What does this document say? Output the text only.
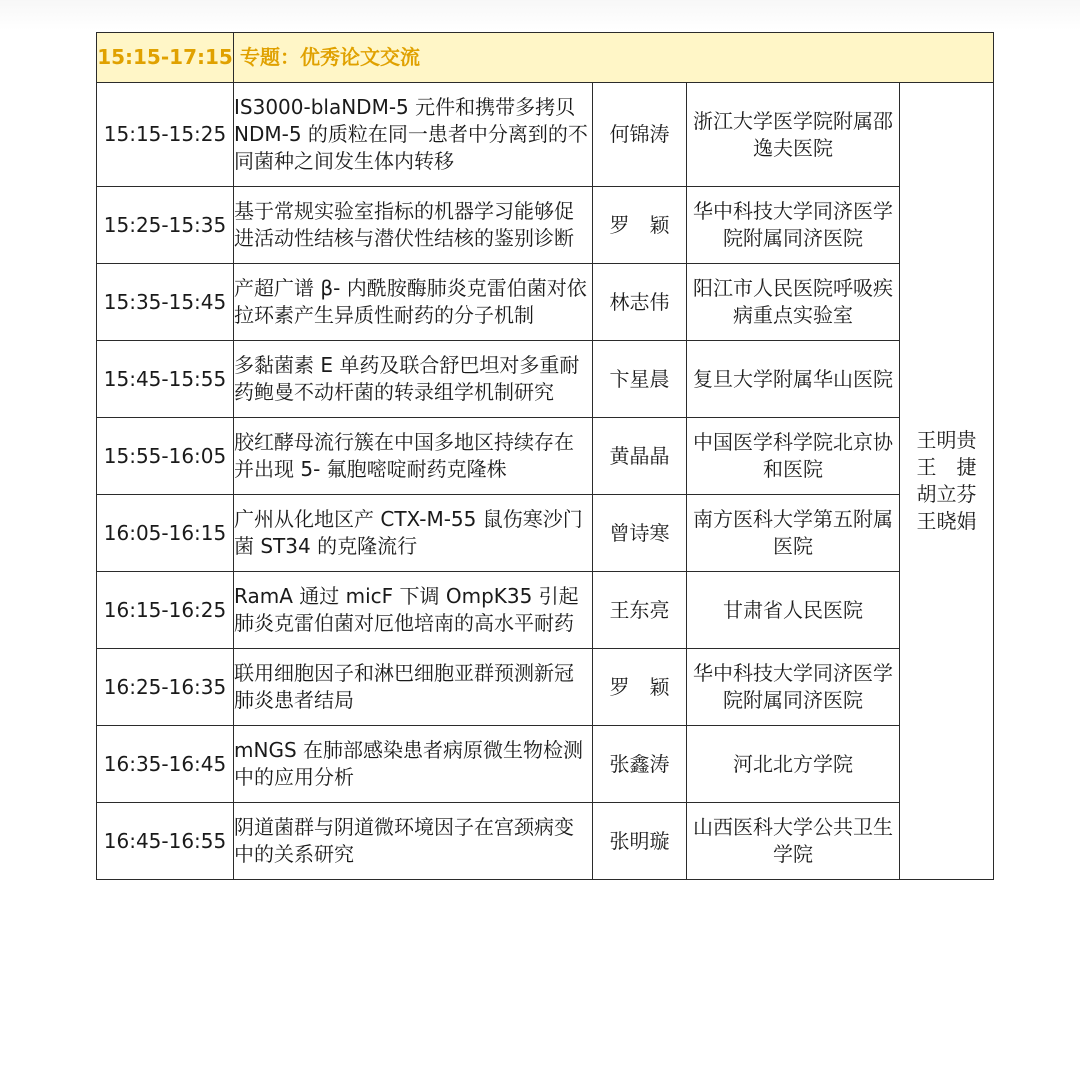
15:15-17:15	专题：优秀论文交流			
15:15-15:25	IS3000-blaNDM-5 元件和携带多拷贝 NDM-5 的质粒在同一患者中分离到的不同菌种之间发生体内转移	何锦涛	浙江大学医学院附属邵逸夫医院	王明贵
王　捷
胡立芬
王晓娟

15:25-15:35	基于常规实验室指标的机器学习能够促进活动性结核与潜伏性结核的鉴别诊断	罗　颖	华中科技大学同济医学院附属同济医院	
15:35-15:45	产超广谱 β- 内酰胺酶肺炎克雷伯菌对依拉环素产生异质性耐药的分子机制	林志伟	阳江市人民医院呼吸疾病重点实验室	
15:45-15:55	多黏菌素 E 单药及联合舒巴坦对多重耐药鲍曼不动杆菌的转录组学机制研究	卞星晨	复旦大学附属华山医院	
15:55-16:05	胶红酵母流行簇在中国多地区持续存在并出现 5- 氟胞嘧啶耐药克隆株	黄晶晶	中国医学科学院北京协和医院	
16:05-16:15	广州从化地区产 CTX-M-55 鼠伤寒沙门菌 ST34 的克隆流行	曾诗寒	南方医科大学第五附属医院	
16:15-16:25	RamA 通过 micF 下调 OmpK35 引起肺炎克雷伯菌对厄他培南的高水平耐药	王东亮	甘肃省人民医院	
16:25-16:35	联用细胞因子和淋巴细胞亚群预测新冠肺炎患者结局	罗　颖	华中科技大学同济医学院附属同济医院	
16:35-16:45	mNGS 在肺部感染患者病原微生物检测中的应用分析	张鑫涛	河北北方学院	
16:45-16:55	阴道菌群与阴道微环境因子在宫颈病变中的关系研究	张明璇	山西医科大学公共卫生学院	
